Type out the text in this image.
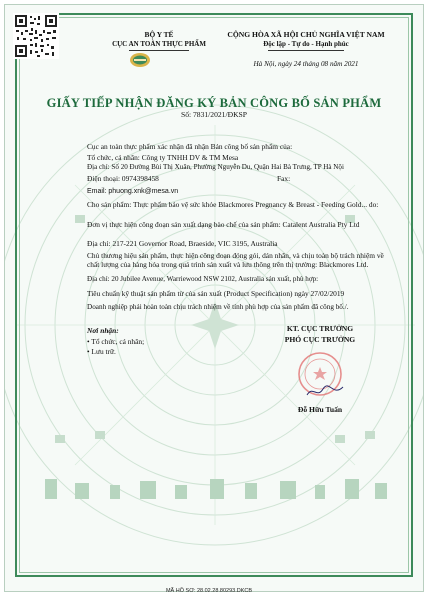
BỘ Y TẾ
CỤC AN TOÀN THỰC PHẨM
CỘNG HÒA XÃ HỘI CHỦ NGHĨA VIỆT NAM
Độc lập - Tự do - Hạnh phúc
Hà Nội, ngày 24 tháng 08 năm 2021
GIẤY TIẾP NHẬN ĐĂNG KÝ BẢN CÔNG BỐ SẢN PHẨM
Số: 7831/2021/ĐKSP
Cục an toàn thực phẩm xác nhận đã nhận Bản công bố sản phẩm của:
Tổ chức, cá nhân: Công ty TNHH DV & TM Mesa
Địa chỉ: Số 20 Đường Bùi Thị Xuân, Phường Nguyễn Du, Quận Hai Bà Trưng, TP Hà Nội
Điện thoại: 0974398458	Fax:
Email: phuong.xnk@mesa.vn
Cho sản phẩm: Thực phẩm bảo vệ sức khỏe Blackmores Pregnancy & Breast - Feeding Gold... do:
Đơn vị thực hiện công đoạn sản xuất dạng bào chế của sản phẩm: Catalent Australia Pty Ltd
Địa chỉ: 217-221 Governor Road, Braeside, VIC 3195, Australia
Chủ thương hiệu sản phẩm, thực hiện công đoạn đóng gói, dán nhãn, và chịu toàn bộ trách nhiệm về chất lượng của hàng hóa trong quá trình sản xuất và lưu thông trên thị trường: Blackmores Ltd.
Địa chỉ: 20 Jubilee Avenue, Warriewood NSW 2102, Australia sản xuất, phù hợp:
Tiêu chuẩn kỹ thuật sản phẩm từ của sản xuất (Product Specification) ngày 27/02/2019
Doanh nghiệp phải hoàn toàn chịu trách nhiệm về tính phù hợp của sản phẩm đã công bố./.
Nơi nhận:
• Tổ chức, cá nhân;
• Lưu trữ.
KT. CỤC TRƯỞNG
PHÓ CỤC TRƯỞNG
Đỗ Hữu Tuấn
MÃ HỒ SƠ: 28.02.28.80293.DKCB
